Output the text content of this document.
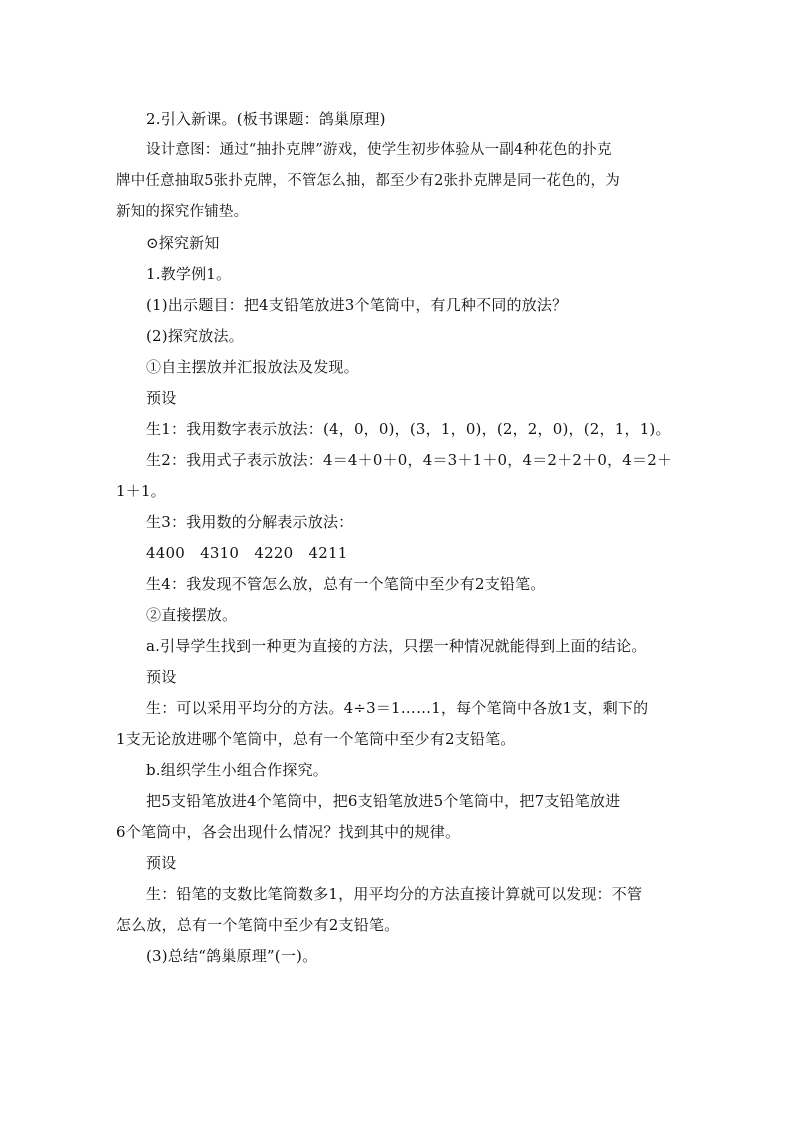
2.引入新课。(板书课题：鸽巢原理)
设计意图：通过“抽扑克牌”游戏，使学生初步体验从一副4种花色的扑克
牌中任意抽取5张扑克牌，不管怎么抽，都至少有2张扑克牌是同一花色的，为
新知的探究作铺垫。
⊙探究新知
1.教学例1。
(1)出示题目：把4支铅笔放进3个笔筒中，有几种不同的放法？
(2)探究放法。
①自主摆放并汇报放法及发现。
预设
生1：我用数字表示放法：(4，0，0)，(3，1，0)，(2，2，0)，(2，1，1)。
生2：我用式子表示放法：4＝4＋0＋0，4＝3＋1＋0，4＝2＋2＋0，4＝2＋
1＋1。
生3：我用数的分解表示放法：
4400　4310　4220　4211
生4：我发现不管怎么放，总有一个笔筒中至少有2支铅笔。
②直接摆放。
a.引导学生找到一种更为直接的方法，只摆一种情况就能得到上面的结论。
预设
生：可以采用平均分的方法。4÷3＝1……1，每个笔筒中各放1支，剩下的
1支无论放进哪个笔筒中，总有一个笔筒中至少有2支铅笔。
b.组织学生小组合作探究。
把5支铅笔放进4个笔筒中，把6支铅笔放进5个笔筒中，把7支铅笔放进
6个笔筒中，各会出现什么情况？找到其中的规律。
预设
生：铅笔的支数比笔筒数多1，用平均分的方法直接计算就可以发现：不管
怎么放，总有一个笔筒中至少有2支铅笔。
(3)总结“鸽巢原理”(一)。
